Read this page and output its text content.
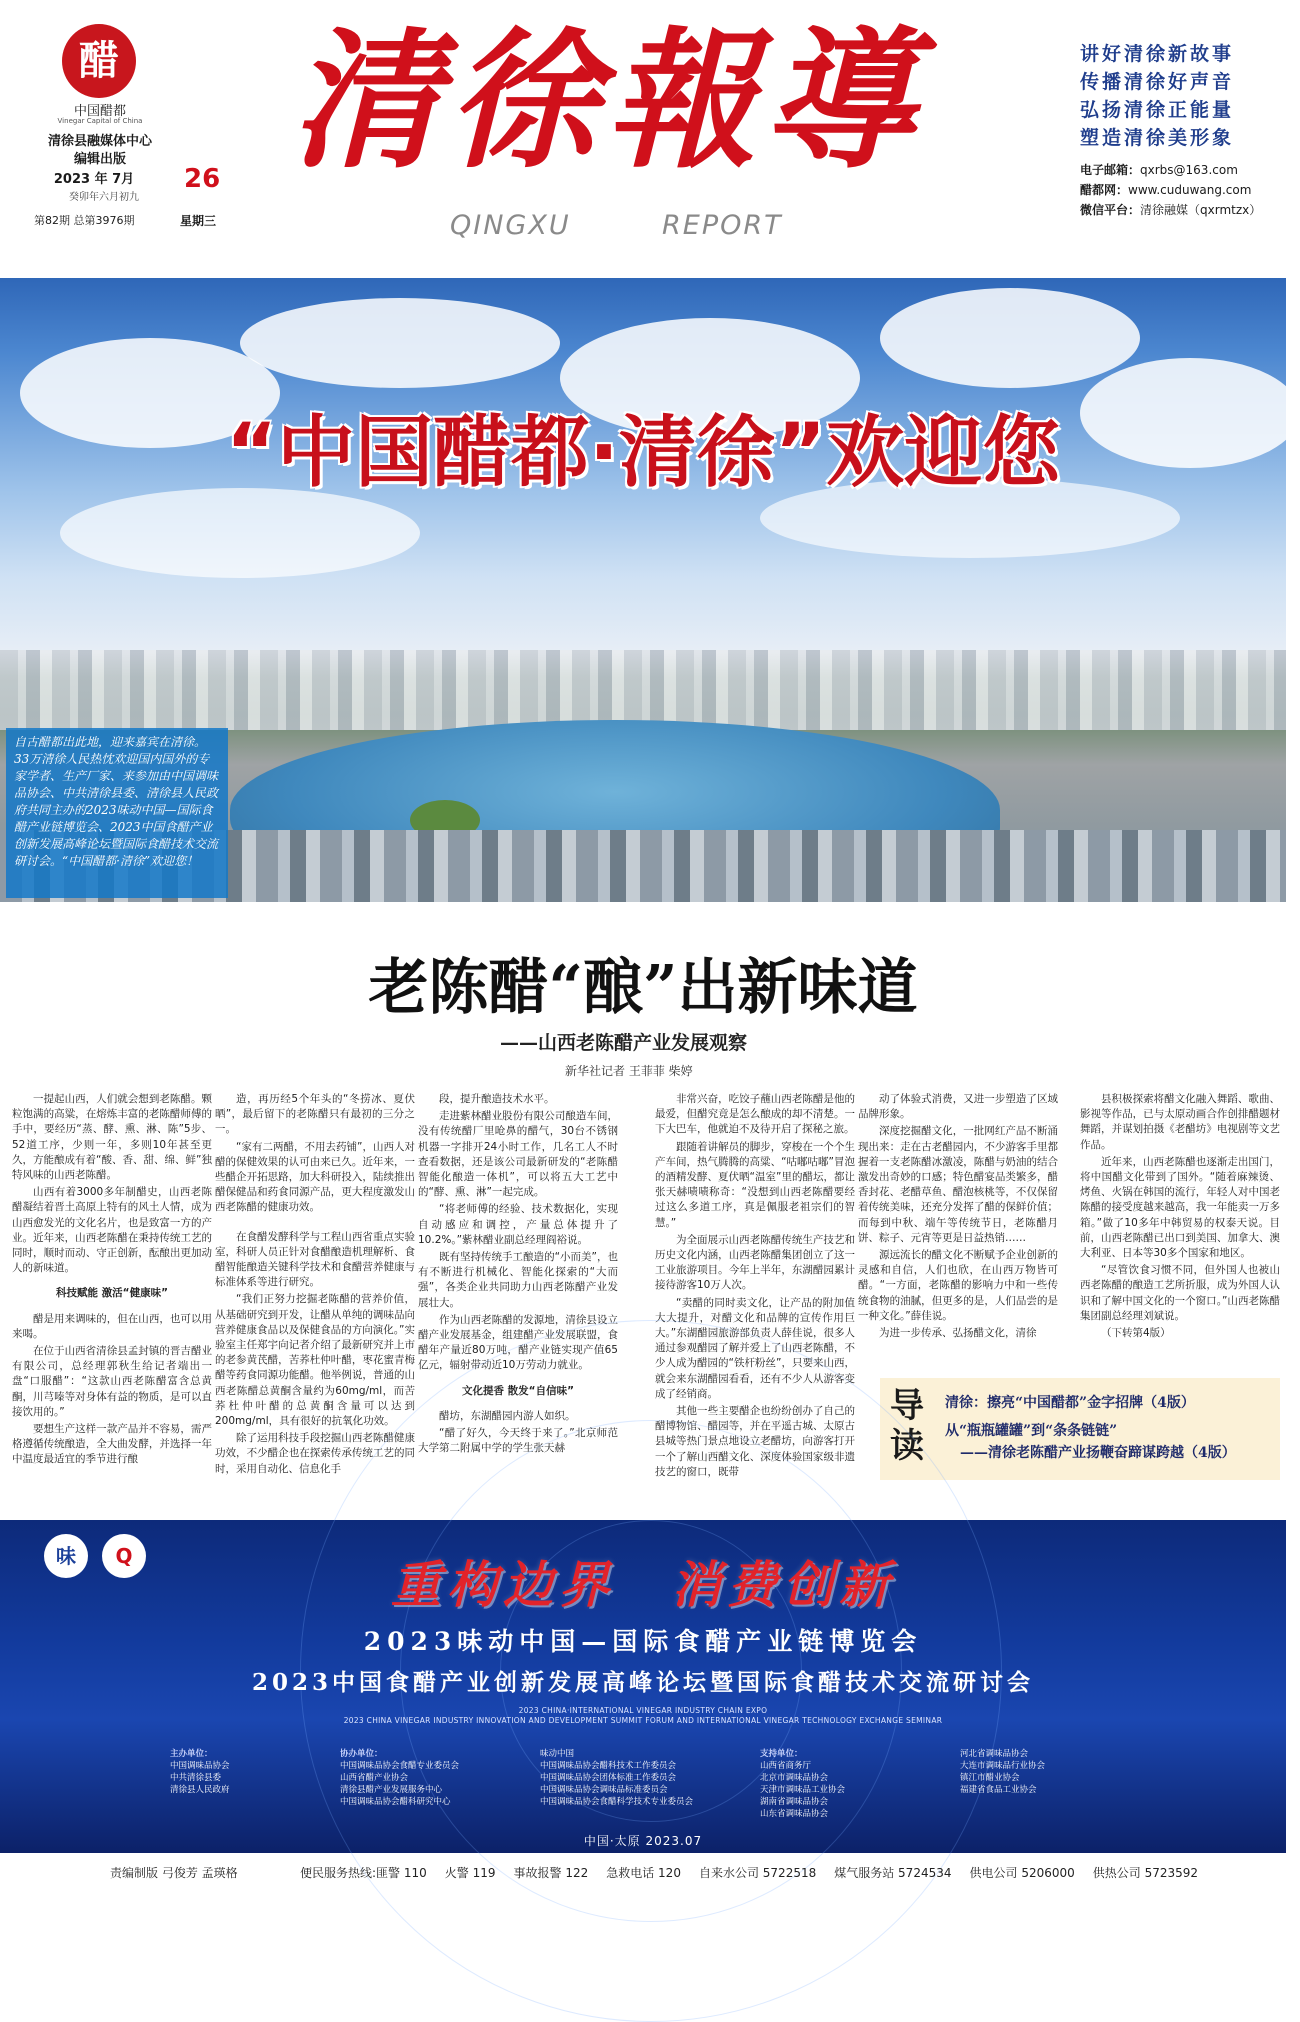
醋
中国醋都
Vinegar Capital of China
清徐县融媒体中心
编辑出版
2023 年 7月	26
癸卯年六月初九
第82期 总第3976期	星期三
清徐報導
QINGXU	REPORT
讲好清徐新故事
传播清徐好声音
弘扬清徐正能量
塑造清徐美形象
电子邮箱：qxrbs@163.com
醋都网：www.cuduwang.com
微信平台：清徐融媒（qxrmtzx）
“中国醋都·清徐”欢迎您
自古醋都出此地，迎来嘉宾在清徐。33万清徐人民热忱欢迎国内国外的专家学者、生产厂家、来参加由中国调味品协会、中共清徐县委、清徐县人民政府共同主办的2023味动中国—国际食醋产业链博览会、2023中国食醋产业创新发展高峰论坛暨国际食醋技术交流研讨会。“中国醋都·清徐”欢迎您！
老陈醋“酿”出新味道
——山西老陈醋产业发展观察
新华社记者 王菲菲 柴婷

一提起山西，人们就会想到老陈醋。颗粒饱满的高粱，在熔炼丰富的老陈醋师傅的手中，要经历“蒸、酵、熏、淋、陈”5步、52道工序，少则一年，多则10年甚至更久，方能酿成有着“酸、香、甜、绵、鲜”独特风味的山西老陈醋。

山西有着3000多年制醋史，山西老陈醋凝结着晋土高原上特有的风土人情，成为山西愈发光的文化名片，也是致富一方的产业。近年来，山西老陈醋在秉持传统工艺的同时，顺时而动、守正创新，酝酿出更加动人的新味道。

科技赋能 激活“健康味”

醋是用来调味的，但在山西，也可以用来喝。

在位于山西省清徐县孟封镇的晋吉醋业有限公司，总经理郭秋生给记者端出一盘“口服醋”：“这款山西老陈醋富含总黄酮，川芎嗪等对身体有益的物质，是可以直接饮用的。”

要想生产这样一款产品并不容易，需严格遵循传统酿造，全大曲发酵，并选择一年中温度最适宜的季节进行酿

造，再历经5个年头的“冬捞冰、夏伏晒”，最后留下的老陈醋只有最初的三分之一。

“家有二两醋，不用去药铺”，山西人对醋的保健效果的认可由来已久。近年来，一些醋企开拓思路，加大科研投入，陆续推出醋保健品和药食同源产品，更大程度激发山西老陈醋的健康功效。

在食醋发酵科学与工程山西省重点实验室，科研人员正针对食醋酿造机理解析、食醋智能酿造关键科学技术和食醋营养健康与标准体系等进行研究。

“我们正努力挖掘老陈醋的营养价值，从基础研究到开发，让醋从单纯的调味品向营养健康食品以及保健食品的方向演化。”实验室主任郑宇向记者介绍了最新研究并上市的老参黄芪醋，苦荞杜仲叶醋，枣花蜜青梅醋等药食同源功能醋。他举例说，普通的山西老陈醋总黄酮含量约为60mg/ml，而苦荞杜仲叶醋的总黄酮含量可以达到200mg/ml，具有很好的抗氧化功效。

除了运用科技手段挖掘山西老陈醋健康功效，不少醋企也在探索传承传统工艺的同时，采用自动化、信息化手

段，提升酿造技术水平。

走进紫林醋业股份有限公司酿造车间，没有传统醋厂里呛鼻的醋气，30台不锈钢机器一字排开24小时工作，几名工人不时查看数据，还是该公司最新研发的“老陈醋智能化酿造一体机”，可以将五大工艺中的“酵、熏、淋”一起完成。

“将老师傅的经验、技术数据化，实现自动感应和调控，产量总体提升了10.2%。”紫林醋业副总经理阎裕说。

既有坚持传统手工酿造的“小而美”，也有不断进行机械化、智能化探索的“大而强”，各类企业共同助力山西老陈醋产业发展壮大。

作为山西老陈醋的发源地，清徐县设立醋产业发展基金，组建醋产业发展联盟，食醋年产量近80万吨，醋产业链实现产值65亿元，辐射带动近10万劳动力就业。

文化提香 散发“自信味”

醋坊，东湖醋园内游人如织。

“醋了好久，今天终于来了。”北京师范大学第二附属中学的学生张天赫

非常兴奋，吃饺子蘸山西老陈醋是他的最爱，但醋究竟是怎么酿成的却不清楚。一下大巴车，他就迫不及待开启了探秘之旅。

跟随着讲解员的脚步，穿梭在一个个生产车间，热气腾腾的高粱、“咕嘟咕嘟”冒泡的酒精发酵、夏伏晒“温室”里的醋坛，都让张天赫啧啧称奇：“没想到山西老陈醋要经过这么多道工序，真是佩服老祖宗们的智慧。”

为全面展示山西老陈醋传统生产技艺和历史文化内涵，山西老陈醋集团创立了这一工业旅游项目。今年上半年，东湖醋园累计接待游客10万人次。

“卖醋的同时卖文化，让产品的附加值大大提升，对醋文化和品牌的宣传作用巨大。”东湖醋园旅游部负责人薛佳说，很多人通过参观醋园了解并爱上了山西老陈醋，不少人成为醋园的“铁杆粉丝”，只要来山西，就会来东湖醋园看看，还有不少人从游客变成了经销商。

其他一些主要醋企也纷纷创办了自己的醋博物馆、醋园等，并在平遥古城、太原古县城等热门景点地设立老醋坊，向游客打开一个了解山西醋文化、深度体验国家级非遗技艺的窗口，既带

动了体验式消费，又进一步塑造了区域品牌形象。

深度挖掘醋文化，一批网红产品不断涌现出来：走在古老醋园内，不少游客手里都握着一支老陈醋冰激凌，陈醋与奶油的结合激发出奇妙的口感；特色醋宴品类繁多，醋香封花、老醋草鱼、醋泡核桃等，不仅保留着传统美味，还充分发挥了醋的保鲜价值；而每到中秋、端午等传统节日，老陈醋月饼、粽子、元宵等更是日益热销……

源远流长的醋文化不断赋予企业创新的灵感和自信，人们也欣，在山西万物皆可醋。“一方面，老陈醋的影响力中和一些传统食物的油腻，但更多的是，人们品尝的是一种文化。”薛佳说。

为进一步传承、弘扬醋文化，清徐

县积极探索将醋文化融入舞蹈、歌曲、影视等作品，已与太原动画合作创排醋题材舞蹈，并谋划拍摄《老醋坊》电视剧等文艺作品。

近年来，山西老陈醋也逐渐走出国门，将中国醋文化带到了国外。“随着麻辣烫、烤鱼、火锅在韩国的流行，年轻人对中国老陈醋的接受度越来越高，我一年能卖一万多箱。”做了10多年中韩贸易的权泰天说。目前，山西老陈醋已出口到美国、加拿大、澳大利亚、日本等30多个国家和地区。

“尽管饮食习惯不同，但外国人也被山西老陈醋的酿造工艺所折服，成为外国人认识和了解中国文化的一个窗口。”山西老陈醋集团副总经理刘斌说。

（下转第4版）

导读
清徐：擦亮“中国醋都”金字招牌（4版）
从“瓶瓶罐罐”到“条条链链”
——清徐老陈醋产业扬鞭奋蹄谋跨越（4版）
味	Q	重构边界　 消费创新
2023味动中国—国际食醋产业链博览会
2023中国食醋产业创新发展高峰论坛暨国际食醋技术交流研讨会
2023 CHINA·INTERNATIONAL VINEGAR INDUSTRY CHAIN EXPO
2023 CHINA VINEGAR INDUSTRY INNOVATION AND DEVELOPMENT SUMMIT FORUM AND INTERNATIONAL VINEGAR TECHNOLOGY EXCHANGE SEMINAR
主办单位：
中国调味品协会
中共清徐县委
清徐县人民政府
协办单位：
中国调味品协会食醋专业委员会
山西省醋产业协会
清徐县醋产业发展服务中心
中国调味品协会醋科研究中心
味动中国
中国调味品协会醋科技术工作委员会
中国调味品协会团体标准工作委员会
中国调味品协会调味品标准委员会
中国调味品协会食醋科学技术专业委员会
支持单位：
山西省商务厅
北京市调味品协会
天津市调味品工业协会
湖南省调味品协会
山东省调味品协会
河北省调味品协会
大连市调味品行业协会
镇江市醋业协会
福建省食品工业协会
中国·太原 2023.07
责编制版 弓俊芳 孟瑛格	便民服务热线:匪警 110 火警 119 事故报警 122 急救电话 120 自来水公司 5722518 煤气服务站 5724534 供电公司 5206000 供热公司 5723592
